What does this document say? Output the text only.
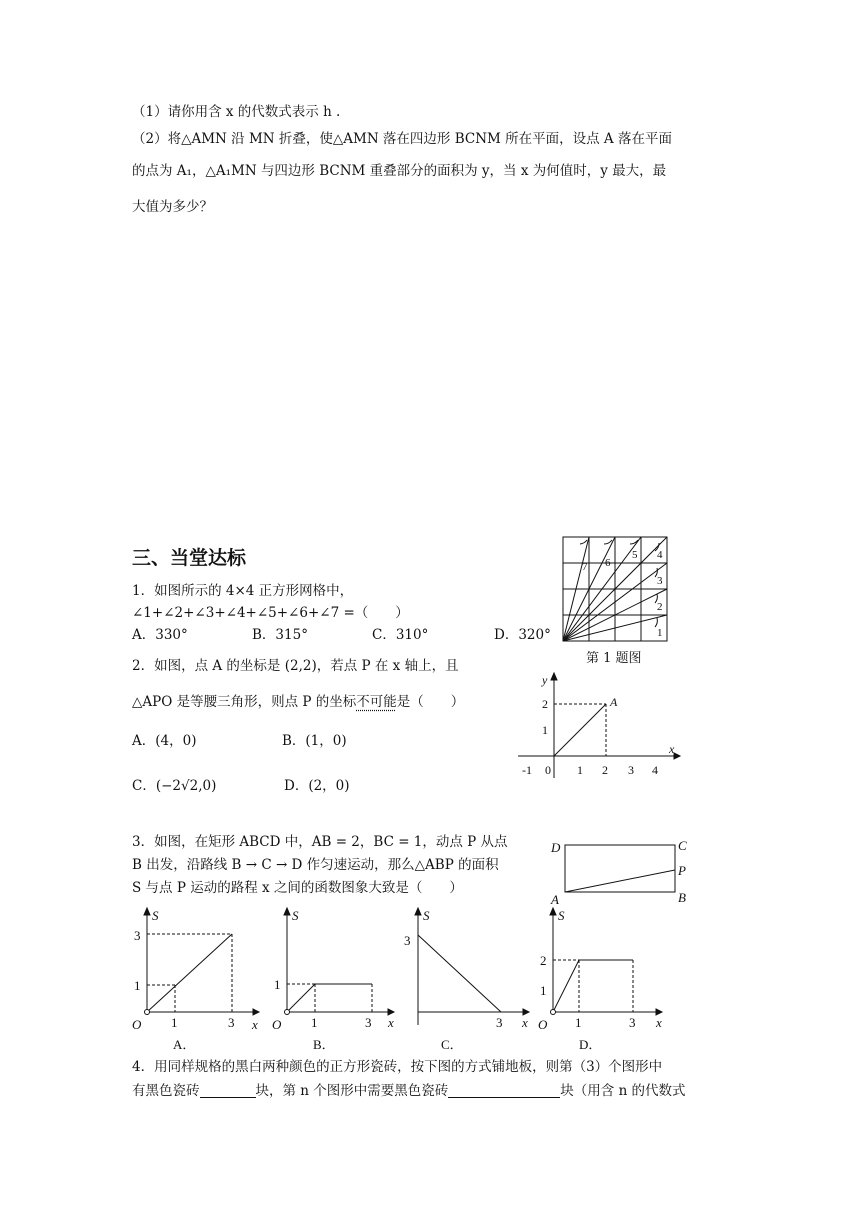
（1）请你用含 x 的代数式表示 h .
（2）将△AMN 沿 MN 折叠，使△AMN 落在四边形 BCNM 所在平面，设点 A 落在平面
的点为 A₁，△A₁MN 与四边形 BCNM 重叠部分的面积为 y，当 x 为何值时，y 最大，最
大值为多少？
三、当堂达标
1．如图所示的 4×4 正方形网格中，
∠1+∠2+∠3+∠4+∠5+∠6+∠7 =（　　）
A．330°	B．315°	C．310°	D．320°	1
2
3
4
5
6
7
第 1 题图
2．如图，点 A 的坐标是 (2,2)，若点 P 在 x 轴上，且
△APO 是等腰三角形，则点 P 的坐标不可能是（　　）
A．(4，0)	B．(1，0)
C．(−2√2,0)	D．(2，0)
y
x
A
2
1
-1 0 1 2 3 4
3．如图，在矩形 ABCD 中，AB = 2，BC = 1，动点 P 从点
B 出发，沿路线 B → C → D 作匀速运动，那么△ABP 的面积
S 与点 P 运动的路程 x 之间的函数图象大致是（　　）
D	C
P
A	B
S
x
O
3
1
1	3
A．
S
x
O
1
1	3
B．
S
x
3
3
C．
S
x
O
2
1
1	3
D．
4．用同样规格的黑白两种颜色的正方形瓷砖，按下图的方式铺地板，则第（3）个图形中
有黑色瓷砖	块，第 n 个图形中需要黑色瓷砖	块（用含 n 的代数式
